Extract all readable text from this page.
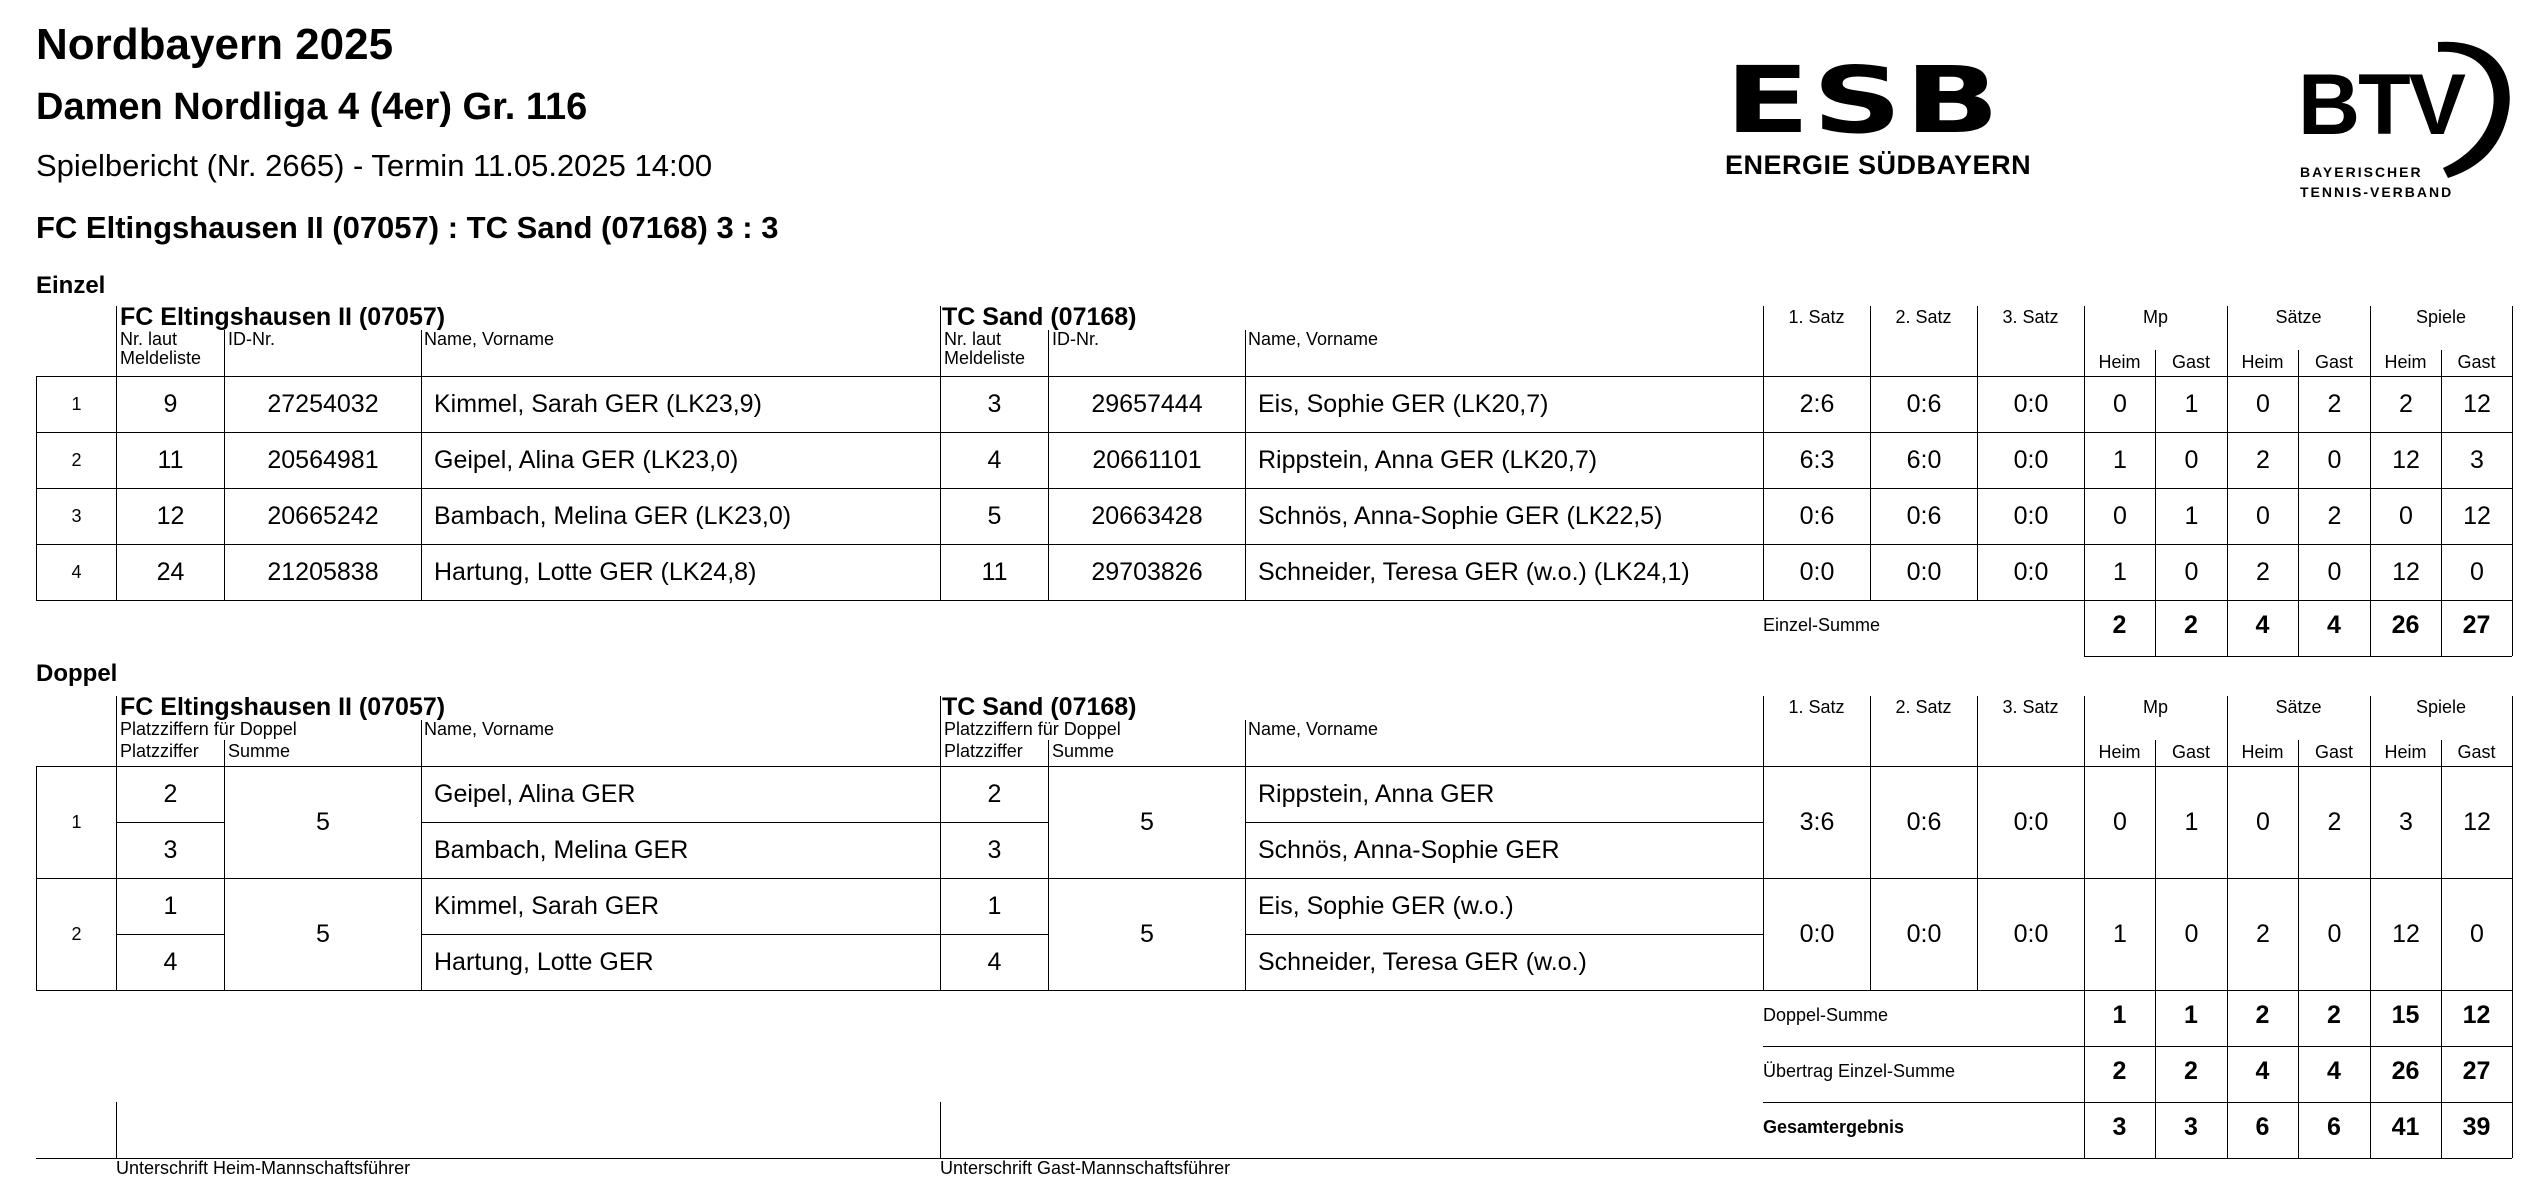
Nordbayern 2025
Damen Nordliga 4 (4er) Gr. 116
Spielbericht (Nr. 2665) - Termin 11.05.2025 14:00
FC Eltingshausen II (07057) : TC Sand (07168) 3 : 3
ESB
ENERGIE SÜDBAYERN
BTV
BAYERISCHER
TENNIS-VERBAND
Einzel
FC Eltingshausen II (07057)	TC Sand (07168)
Nr. laut
Meldeliste
ID-Nr.	Name, Vorname	Nr. laut
Meldeliste
ID-Nr.	Name, Vorname
1. Satz	2. Satz	3. Satz	Mp	Sätze	Spiele
Heim	Gast	Heim	Gast	Heim	Gast
1	9	27254032	Kimmel, Sarah GER (LK23,9)	3	29657444	Eis, Sophie GER (LK20,7)	2:6	0:6	0:0	0	1	0	2	2	12
2	11	20564981	Geipel, Alina GER (LK23,0)	4	20661101	Rippstein, Anna GER (LK20,7)	6:3	6:0	0:0	1	0	2	0	12	3
3	12	20665242	Bambach, Melina GER (LK23,0)	5	20663428	Schnös, Anna-Sophie GER (LK22,5)	0:6	0:6	0:0	0	1	0	2	0	12
4	24	21205838	Hartung, Lotte GER (LK24,8)	11	29703826	Schneider, Teresa GER (w.o.) (LK24,1)	0:0	0:0	0:0	1	0	2	0	12	0
Einzel-Summe	2	2	4	4	26	27
Doppel
FC Eltingshausen II (07057)	TC Sand (07168)
Platzziffern für Doppel
Platzziffer Summe
Name, Vorname	Platzziffern für Doppel
Platzziffer Summe
Name, Vorname
1. Satz	2. Satz	3. Satz	Mp	Sätze	Spiele
Heim	Gast	Heim	Gast	Heim	Gast
1	2	5	Geipel, Alina GER	2	5	Rippstein, Anna GER	3:6	0:6	0:0	0	1	0	2	3	12
	3		Bambach, Melina GER	3		Schnös, Anna-Sophie GER									
2	1	5	Kimmel, Sarah GER	1	5	Eis, Sophie GER (w.o.)	0:0	0:0	0:0	1	0	2	0	12	0
	4		Hartung, Lotte GER	4		Schneider, Teresa GER (w.o.)									
Doppel-Summe	1	1	2	2	15	12
Übertrag Einzel-Summe	2	2	4	4	26	27
Gesamtergebnis	3	3	6	6	41	39
Unterschrift Heim-Mannschaftsführer	Unterschrift Gast-Mannschaftsführer
